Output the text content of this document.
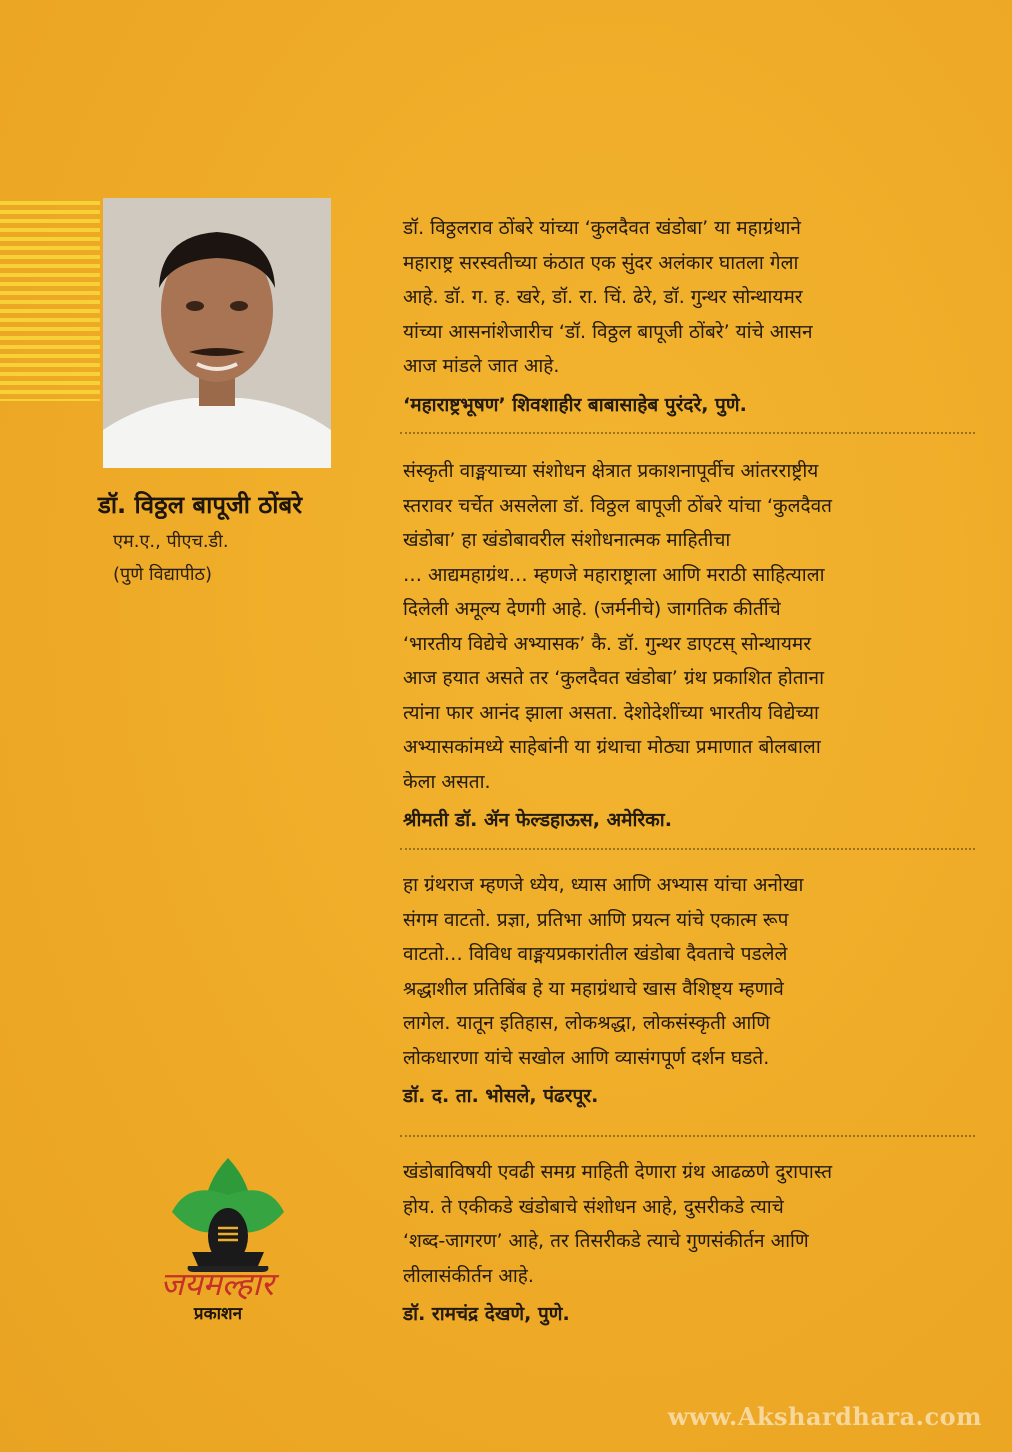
डॉ. विठ्ठल बापूजी ठोंबरे
एम.ए., पीएच.डी.
(पुणे विद्यापीठ)

डॉ. विठ्ठलराव ठोंबरे यांच्या ‘कुलदैवत खंडोबा’ या महाग्रंथाने

महाराष्ट्र सरस्वतीच्या कंठात एक सुंदर अलंकार घातला गेला

आहे. डॉ. ग. ह. खरे, डॉ. रा. चिं. ढेरे, डॉ. गुन्थर सोन्थायमर

यांच्या आसनांशेजारीच ‘डॉ. विठ्ठल बापूजी ठोंबरे’ यांचे आसन

आज मांडले जात आहे.

‘महाराष्ट्रभूषण’ शिवशाहीर बाबासाहेब पुरंदरे, पुणे.

संस्कृती वाङ्मयाच्या संशोधन क्षेत्रात प्रकाशनापूर्वीच आंतरराष्ट्रीय

स्तरावर चर्चेत असलेला डॉ. विठ्ठल बापूजी ठोंबरे यांचा ‘कुलदैवत

खंडोबा’ हा खंडोबावरील संशोधनात्मक माहितीचा

… आद्यमहाग्रंथ… म्हणजे महाराष्ट्राला आणि मराठी साहित्याला

दिलेली अमूल्य देणगी आहे. (जर्मनीचे) जागतिक कीर्तीचे

‘भारतीय विद्येचे अभ्यासक’ कै. डॉ. गुन्थर डाएटस् सोन्थायमर

आज हयात असते तर ‘कुलदैवत खंडोबा’ ग्रंथ प्रकाशित होताना

त्यांना फार आनंद झाला असता. देशोदेशींच्या भारतीय विद्येच्या

अभ्यासकांमध्ये साहेबांनी या ग्रंथाचा मोठ्या प्रमाणात बोलबाला

केला असता.

श्रीमती डॉ. ॲन फेल्डहाऊस, अमेरिका.

हा ग्रंथराज म्हणजे ध्येय, ध्यास आणि अभ्यास यांचा अनोखा

संगम वाटतो. प्रज्ञा, प्रतिभा आणि प्रयत्न यांचे एकात्म रूप

वाटतो… विविध वाङ्मयप्रकारांतील खंडोबा दैवताचे पडलेले

श्रद्धाशील प्रतिबिंब हे या महाग्रंथाचे खास वैशिष्ट्य म्हणावे

लागेल. यातून इतिहास, लोकश्रद्धा, लोकसंस्कृती आणि

लोकधारणा यांचे सखोल आणि व्यासंगपूर्ण दर्शन घडते.

डॉ. द. ता. भोसले, पंढरपूर.

खंडोबाविषयी एवढी समग्र माहिती देणारा ग्रंथ आढळणे दुरापास्त

होय. ते एकीकडे खंडोबाचे संशोधन आहे, दुसरीकडे त्याचे

‘शब्द-जागरण’ आहे, तर तिसरीकडे त्याचे गुणसंकीर्तन आणि

लीलासंकीर्तन आहे.

डॉ. रामचंद्र देखणे, पुणे.

जयमल्हार
प्रकाशन
www.Akshardhara.com
